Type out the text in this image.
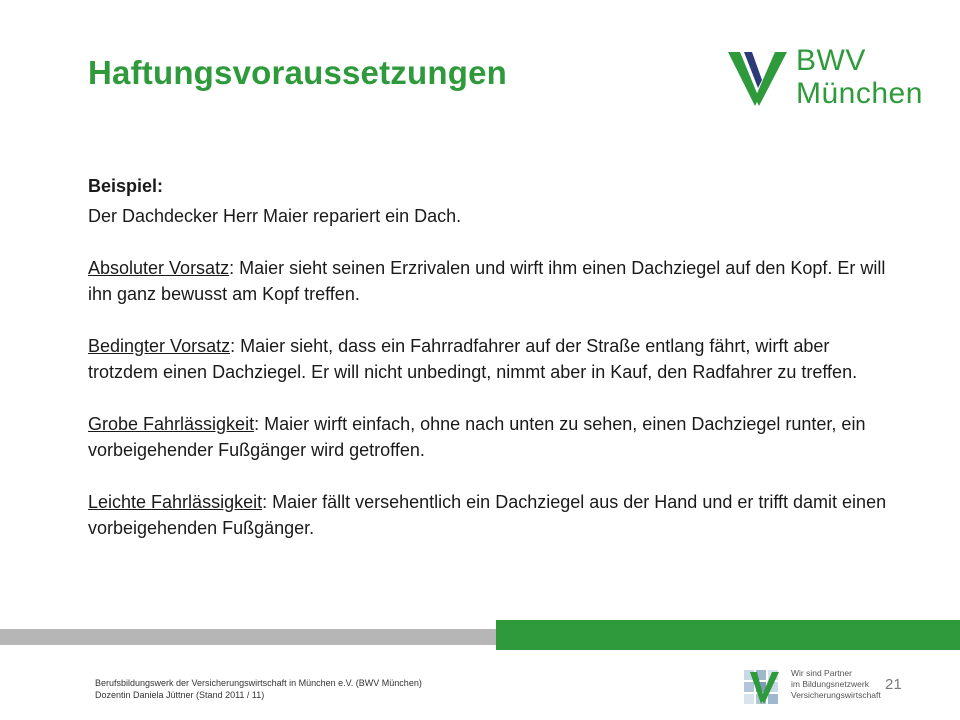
Haftungsvoraussetzungen	BWV
München

Beispiel:

Der Dachdecker Herr Maier repariert ein Dach.

Absoluter Vorsatz: Maier sieht seinen Erzrivalen und wirft ihm einen Dachziegel auf den Kopf. Er will ihn ganz bewusst am Kopf treffen.

Bedingter Vorsatz: Maier sieht, dass ein Fahrradfahrer auf der Straße entlang fährt, wirft aber trotzdem einen Dachziegel. Er will nicht unbedingt, nimmt aber in Kauf, den Radfahrer zu treffen.

Grobe Fahrlässigkeit: Maier wirft einfach, ohne nach unten zu sehen, einen Dachziegel runter, ein vorbeigehender Fußgänger wird getroffen.

Leichte Fahrlässigkeit: Maier fällt versehentlich ein Dachziegel aus der Hand und er trifft damit einen vorbeigehenden Fußgänger.

Berufsbildungswerk der Versicherungswirtschaft in München e.V. (BWV München)
Dozentin Daniela Jüttner (Stand 2011 / 11)
Wir sind Partner
im Bildungsnetzwerk
Versicherungswirtschaft
21
